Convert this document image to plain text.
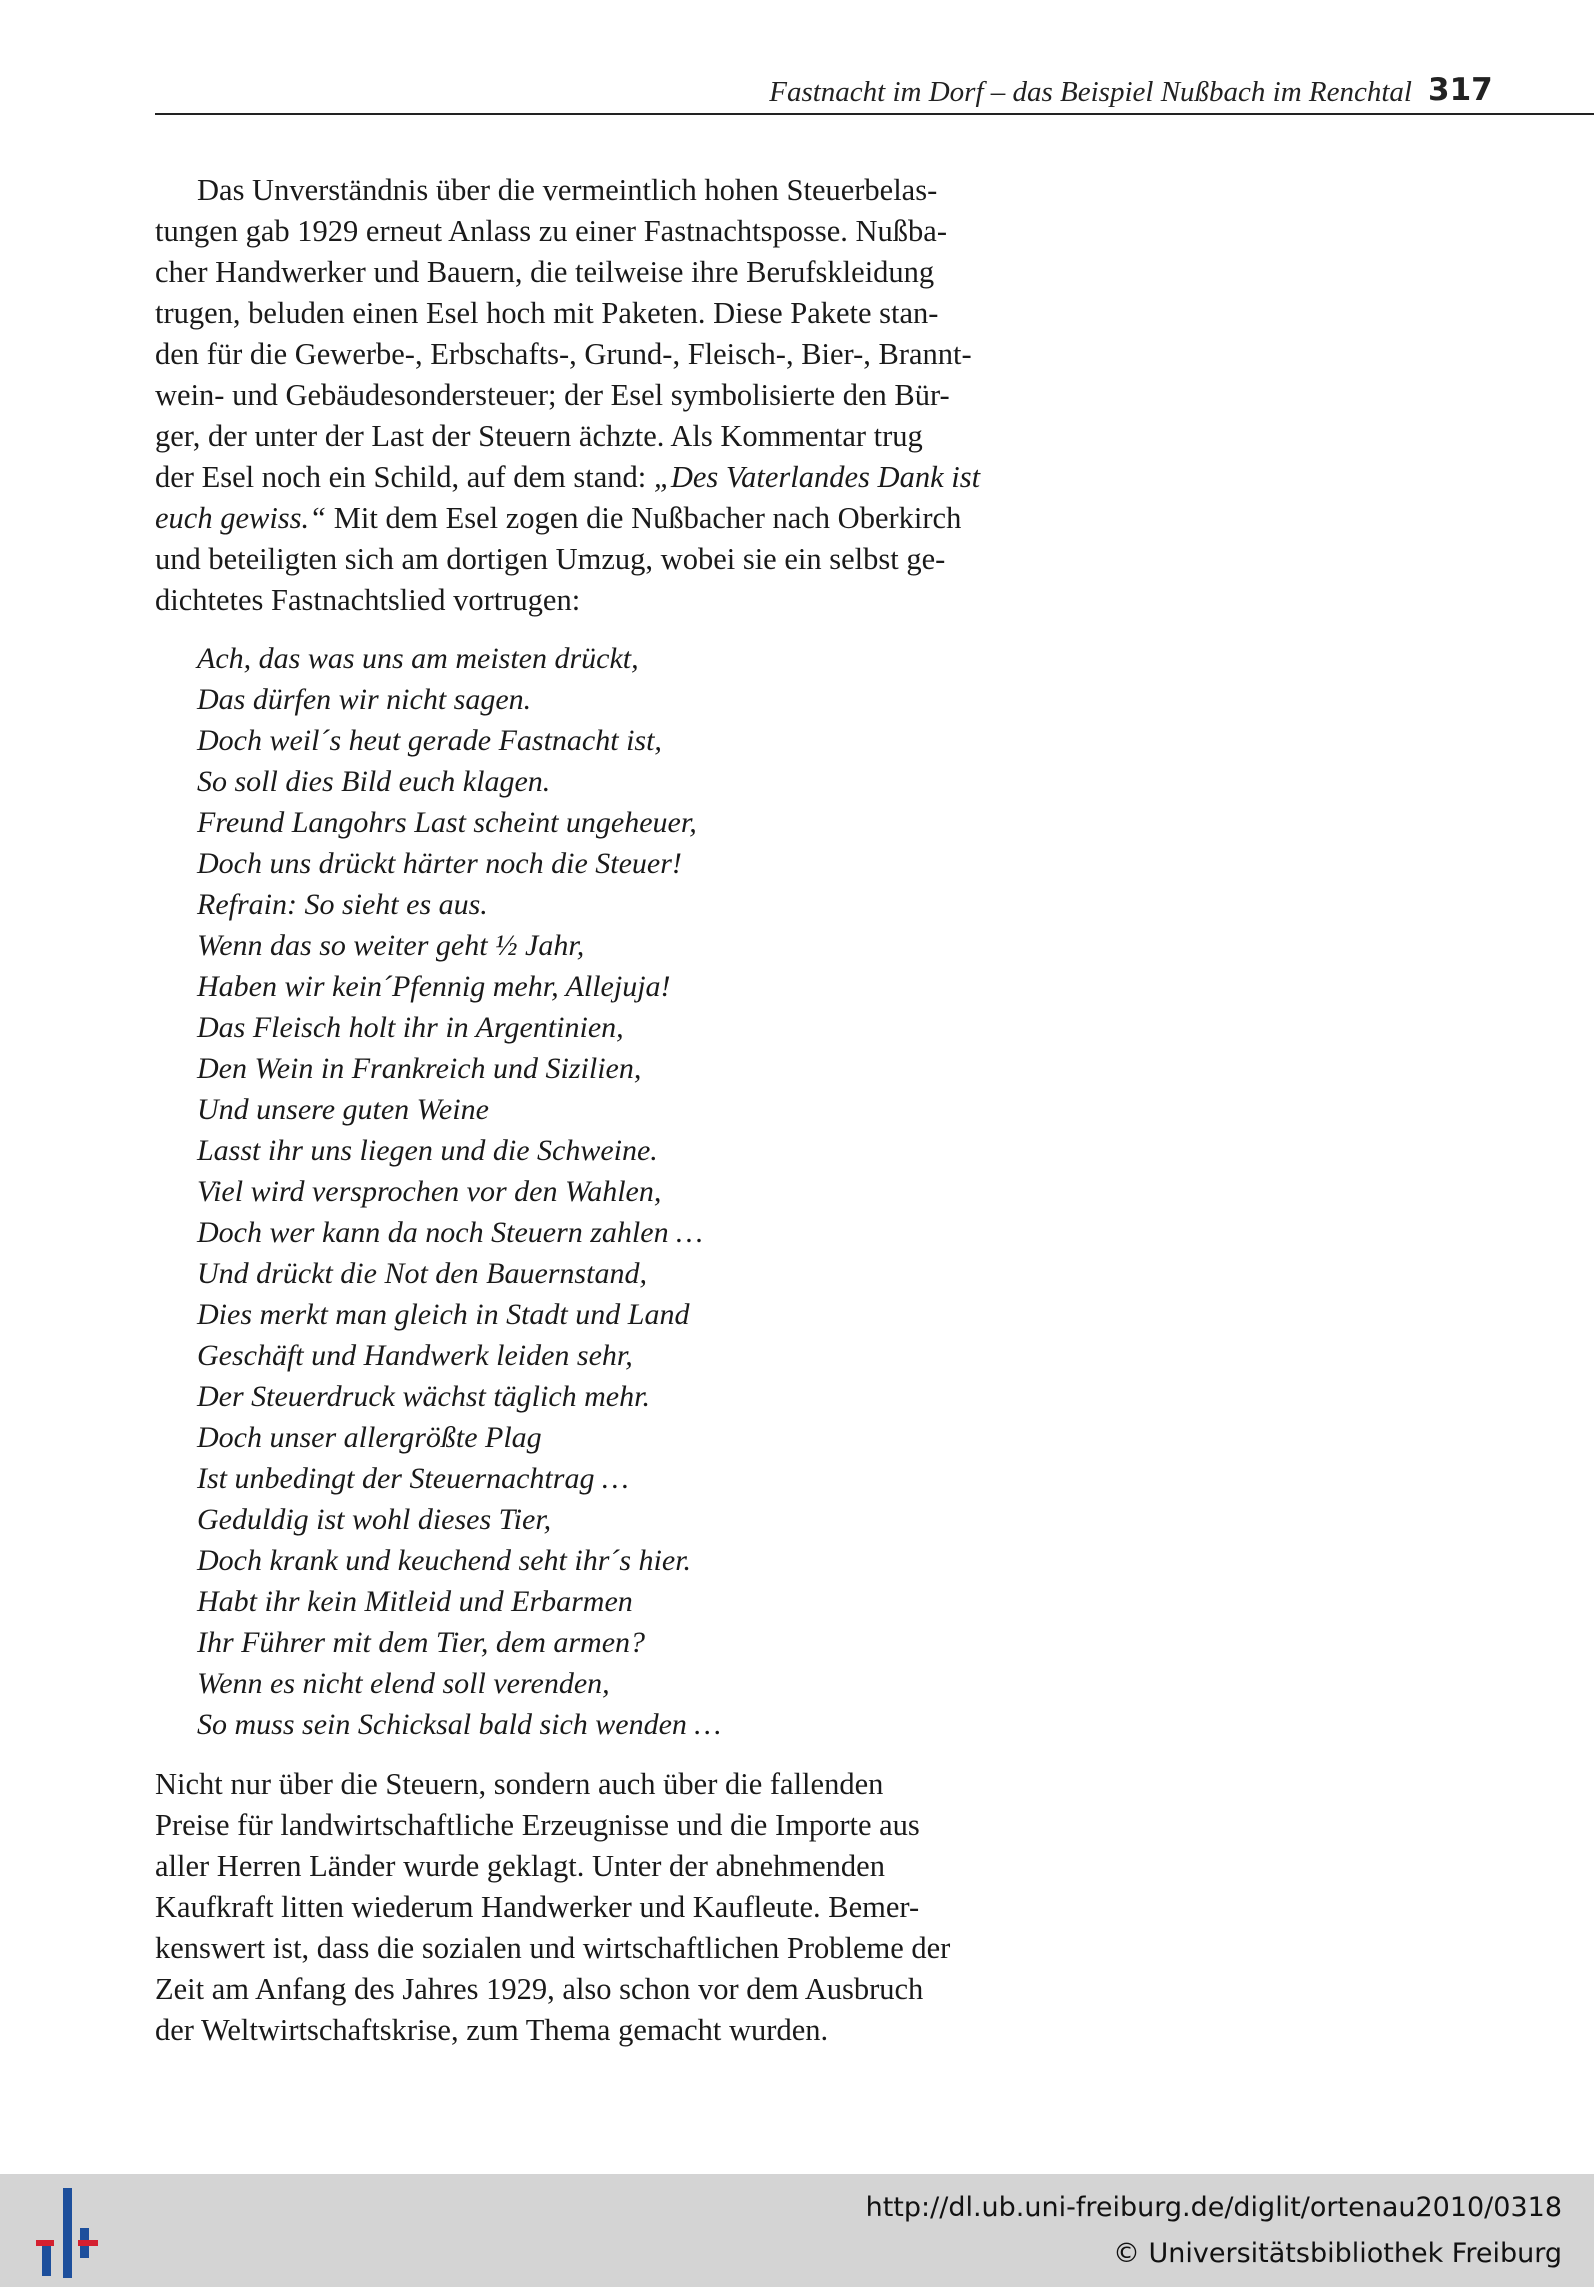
Fastnacht im Dorf – das Beispiel Nußbach im Renchtal 317
Das Unverständnis über die vermeintlich hohen Steuerbelas-
tungen gab 1929 erneut Anlass zu einer Fastnachtsposse. Nußba-
cher Handwerker und Bauern, die teilweise ihre Berufskleidung
trugen, beluden einen Esel hoch mit Paketen. Diese Pakete stan-
den für die Gewerbe-, Erbschafts-, Grund-, Fleisch-, Bier-, Brannt-
wein- und Gebäudesondersteuer; der Esel symbolisierte den Bür-
ger, der unter der Last der Steuern ächzte. Als Kommentar trug
der Esel noch ein Schild, auf dem stand: „Des Vaterlandes Dank ist
euch gewiss.“ Mit dem Esel zogen die Nußbacher nach Oberkirch
und beteiligten sich am dortigen Umzug, wobei sie ein selbst ge-
dichtetes Fastnachtslied vortrugen:
Ach, das was uns am meisten drückt,
Das dürfen wir nicht sagen.
Doch weil´s heut gerade Fastnacht ist,
So soll dies Bild euch klagen.
Freund Langohrs Last scheint ungeheuer,
Doch uns drückt härter noch die Steuer!
Refrain: So sieht es aus.
Wenn das so weiter geht ½ Jahr,
Haben wir kein´Pfennig mehr, Allejuja!
Das Fleisch holt ihr in Argentinien,
Den Wein in Frankreich und Sizilien,
Und unsere guten Weine
Lasst ihr uns liegen und die Schweine.
Viel wird versprochen vor den Wahlen,
Doch wer kann da noch Steuern zahlen …
Und drückt die Not den Bauernstand,
Dies merkt man gleich in Stadt und Land
Geschäft und Handwerk leiden sehr,
Der Steuerdruck wächst täglich mehr.
Doch unser allergrößte Plag
Ist unbedingt der Steuernachtrag …
Geduldig ist wohl dieses Tier,
Doch krank und keuchend seht ihr´s hier.
Habt ihr kein Mitleid und Erbarmen
Ihr Führer mit dem Tier, dem armen?
Wenn es nicht elend soll verenden,
So muss sein Schicksal bald sich wenden …
Nicht nur über die Steuern, sondern auch über die fallenden
Preise für landwirtschaftliche Erzeugnisse und die Importe aus
aller Herren Länder wurde geklagt. Unter der abnehmenden
Kaufkraft litten wiederum Handwerker und Kaufleute. Bemer-
kenswert ist, dass die sozialen und wirtschaftlichen Probleme der
Zeit am Anfang des Jahres 1929, also schon vor dem Ausbruch
der Weltwirtschaftskrise, zum Thema gemacht wurden.
http://dl.ub.uni-freiburg.de/diglit/ortenau2010/0318
© Universitätsbibliothek Freiburg
